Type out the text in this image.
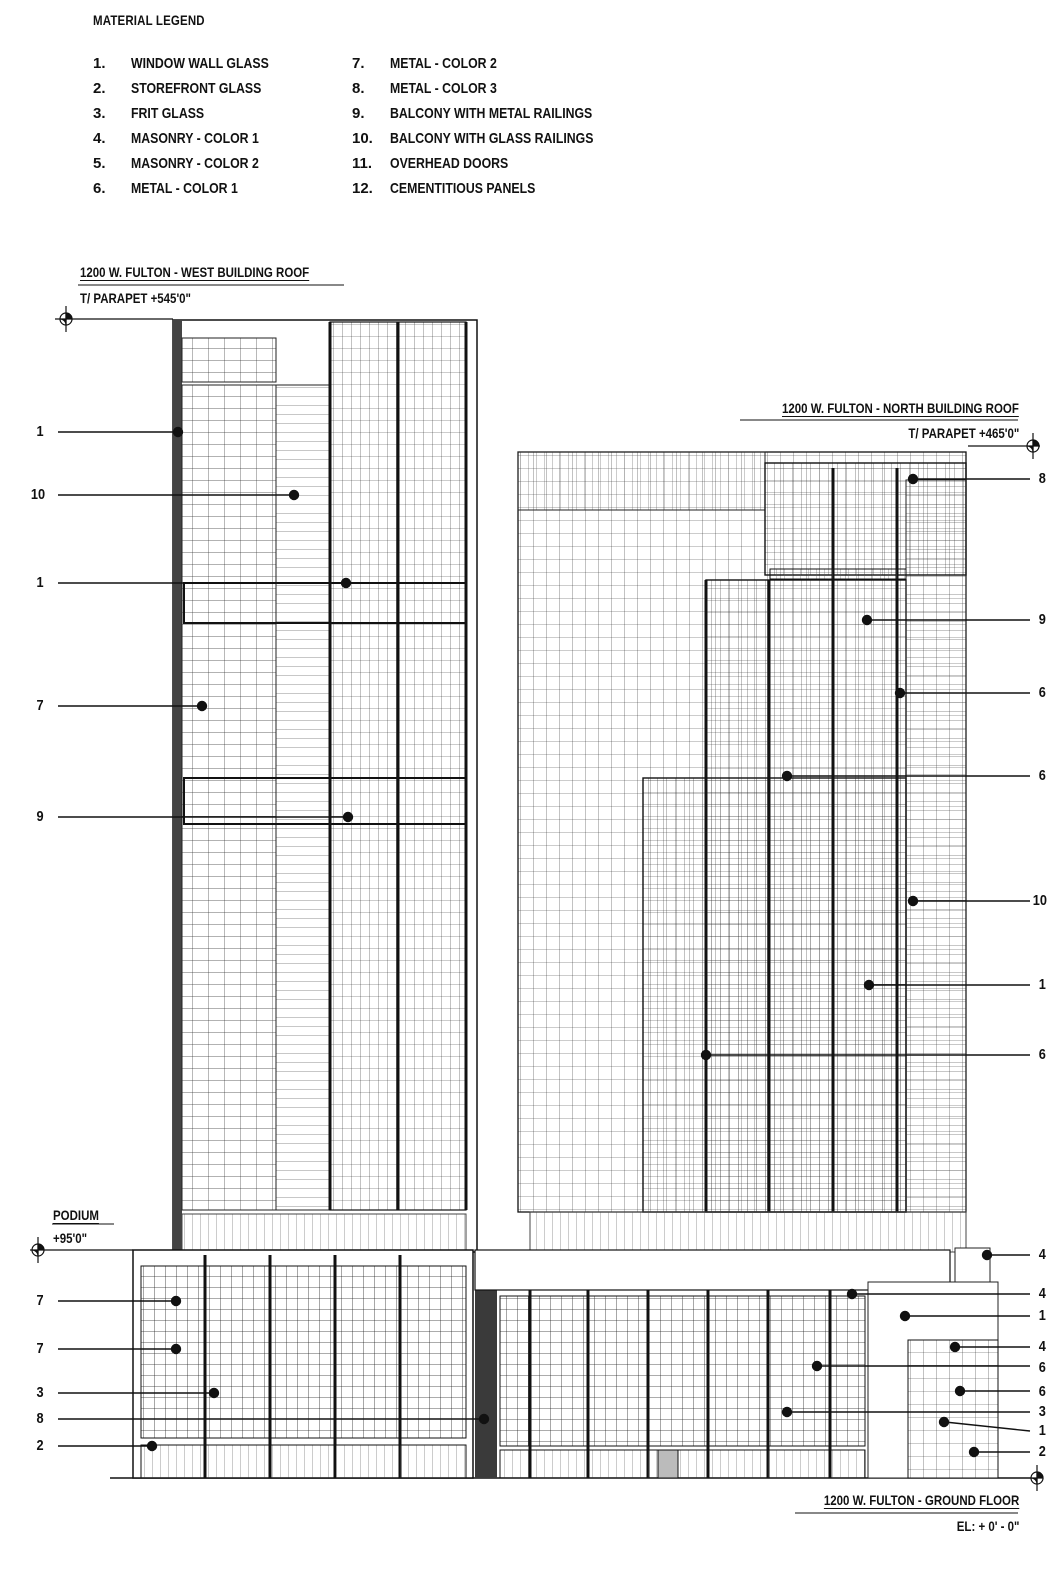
MATERIAL LEGEND
1. WINDOW WALL GLASS
2. STOREFRONT GLASS
3. FRIT GLASS
4. MASONRY - COLOR 1
5. MASONRY - COLOR 2
6. METAL - COLOR 1
7. METAL - COLOR 2
8. METAL - COLOR 3
9. BALCONY WITH METAL RAILINGS
10. BALCONY WITH GLASS RAILINGS
11. OVERHEAD DOORS
12. CEMENTITIOUS PANELS
1200 W. FULTON - WEST BUILDING ROOF
T/ PARAPET +545'0"
1200 W. FULTON - NORTH BUILDING ROOF
T/ PARAPET +465'0"
PODIUM
+95'0"
1200 W. FULTON - GROUND FLOOR
EL: + 0' - 0"
1
10
1
7
9
7
7
3
8
2
8
9
6
6
10
1
6
4
4
1
4
6
6
3
1
2
